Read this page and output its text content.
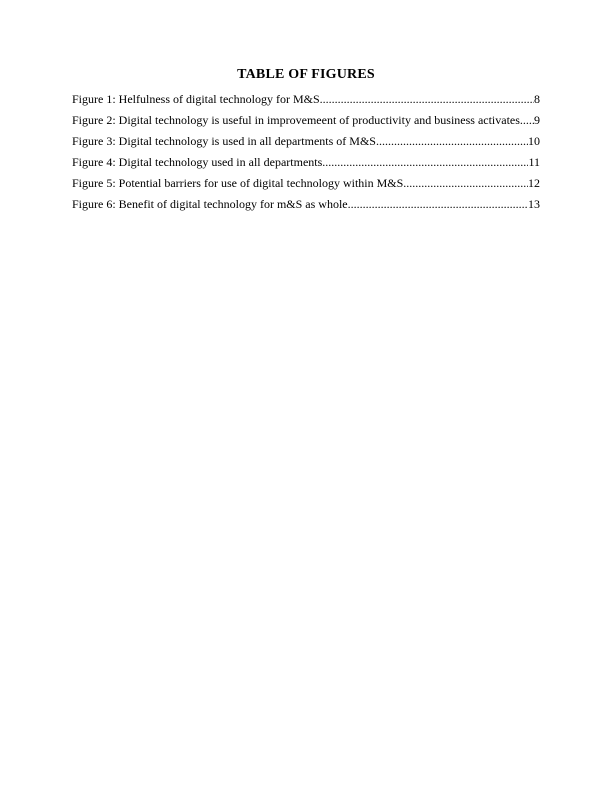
TABLE OF FIGURES
Figure 1: Helfulness of digital technology for M&S .....	8
Figure 2: Digital technology is useful in improvemeent of productivity and business activates ..... 9
Figure 3: Digital technology is used in all departments of M&S .....	10
Figure 4: Digital technology used in all departments .....	11
Figure 5: Potential barriers for use of digital technology within M&S .....	12
Figure 6: Benefit of digital technology for m&S as whole .....	13
